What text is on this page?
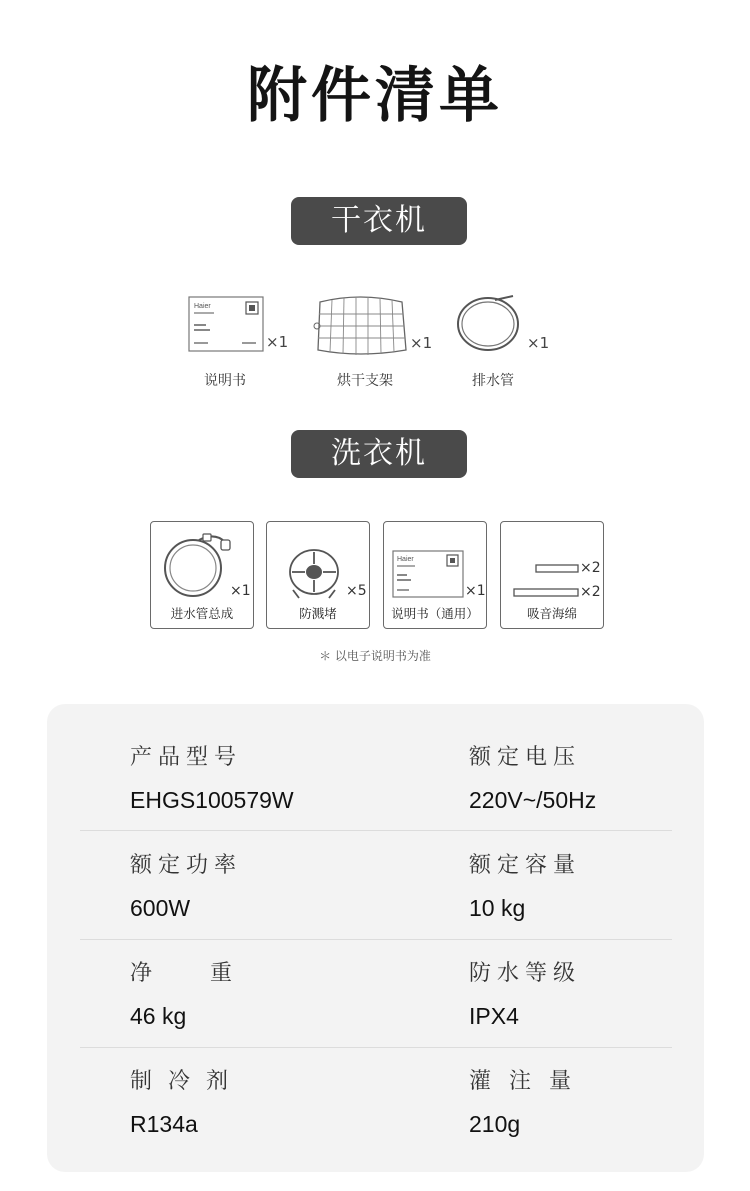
附件清单
干衣机
Haier
×1
说明书
×1
烘干支架
×1
排水管
洗衣机
×1
进水管总成
×5
防溅堵
Haier
×1
说明书（通用）
×2
×2
吸音海绵
＊ 以电子说明书为准
产品型号
EHGS100579W
额定电压
220V~/50Hz
额定功率
600W
额定容量
10 kg
净　重
46 kg
防水等级
IPX4
制冷剂
R134a
灌注量
210g
